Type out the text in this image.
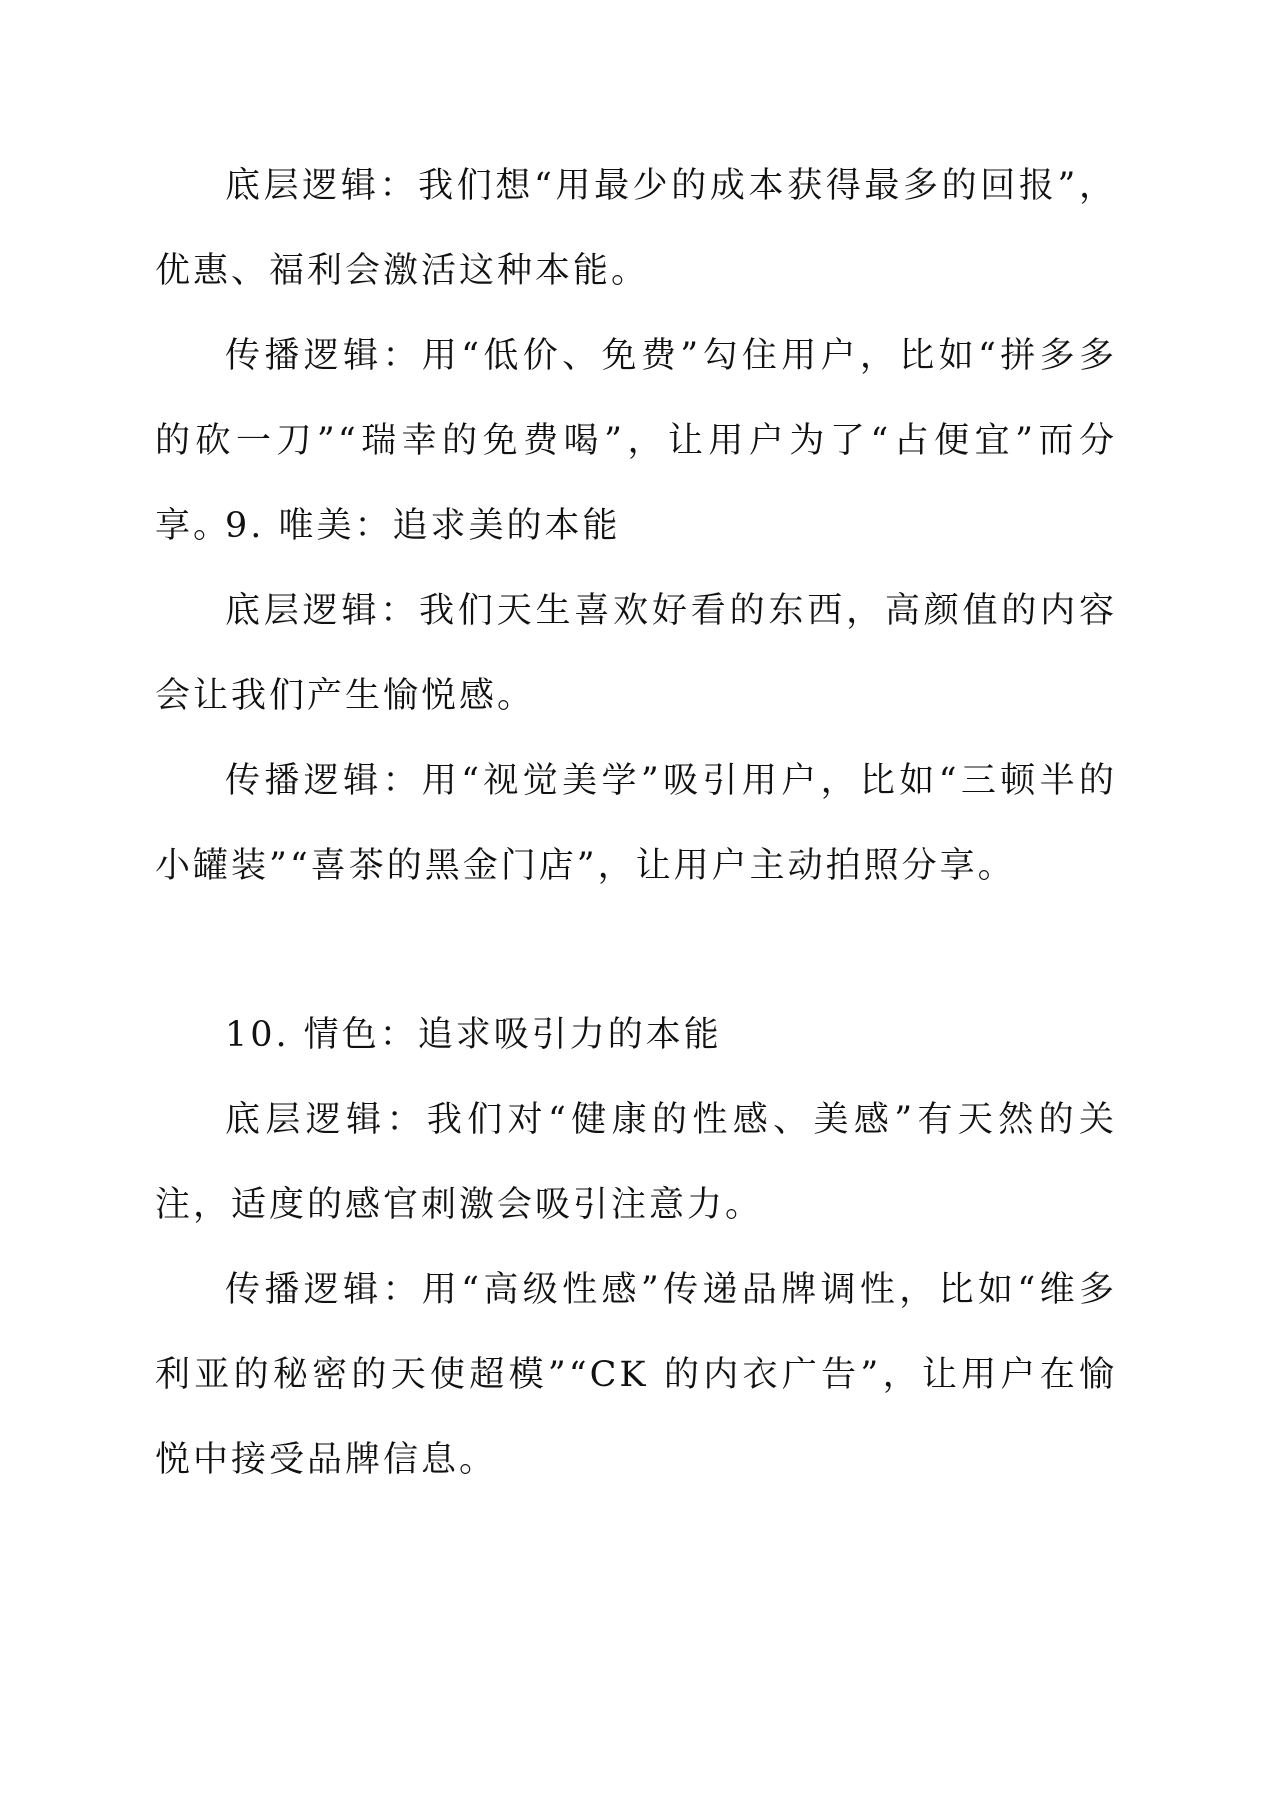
底层逻辑：我们想“用最少的成本获得最多的回报”，优惠、福利会激活这种本能。

传播逻辑：用“低价、免费”勾住用户，比如“拼多多的砍一刀”“瑞幸的免费喝”，让用户为了“占便宜”而分享。

9. 唯美：追求美的本能

底层逻辑：我们天生喜欢好看的东西，高颜值的内容会让我们产生愉悦感。

传播逻辑：用“视觉美学”吸引用户，比如“三顿半的小罐装”“喜茶的黑金门店”，让用户主动拍照分享。

10. 情色：追求吸引力的本能

底层逻辑：我们对“健康的性感、美感”有天然的关注，适度的感官刺激会吸引注意力。

传播逻辑：用“高级性感”传递品牌调性，比如“维多利亚的秘密的天使超模”“CK 的内衣广告”，让用户在愉悦中接受品牌信息。
